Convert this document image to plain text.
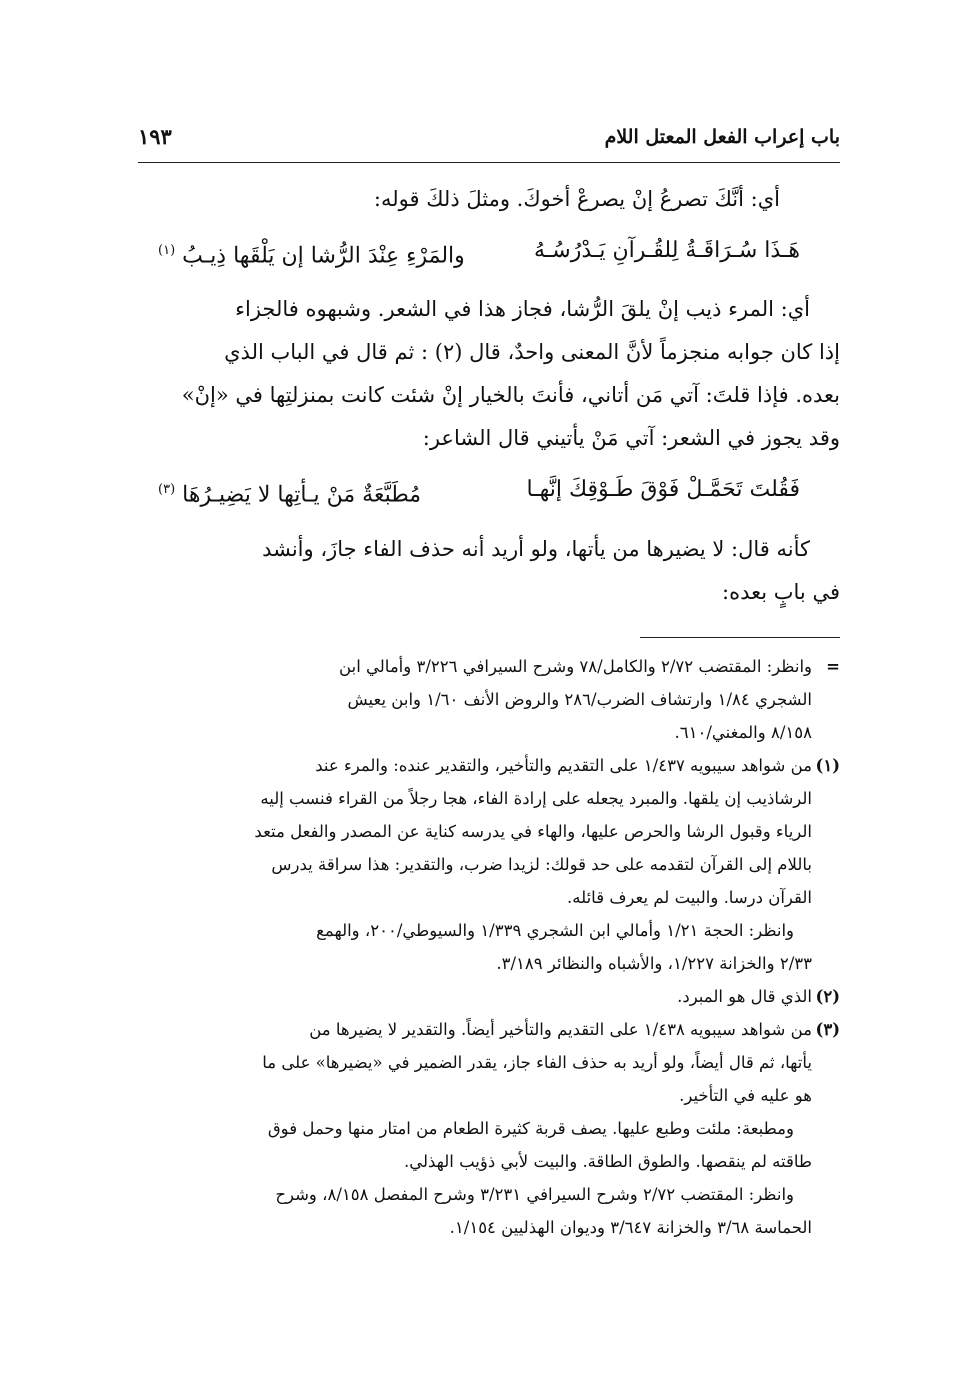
باب إعراب الفعل المعتل اللام
١٩٣
أي: أنَّكَ تصرعُ إنْ يصرعْ أخوكَ. ومثلَ ذلكَ قوله:
هَـذَا سُـرَاقَـةُ لِلقُـرآنِ يَـدْرُسُـهُ
والمَرْءِ عِنْدَ الرُّشا إن يَلْقَها ذِيـبُ $^{(١)}$
أي: المرء ذيب إنْ يلقَ الرُّشا، فجاز هذا في الشعر. وشبهوه فالجزاء
إذا كان جوابه منجزماً لأنَّ المعنى واحدٌ، قال (٢) : ثم قال في الباب الذي
بعده. فإذا قلتَ: آتي مَن أتاني، فأنتَ بالخيار إنْ شئت كانت بمنزلتِها في «إنْ»
وقد يجوز في الشعر: آتي مَنْ يأتيني قال الشاعر:
فَقُلتَ تَحَمَّـلْ فَوْقَ طَـوْقِكَ إنَّهـا
مُطَبَّعَةٌ مَنْ يـأتِها لا يَضِيـرُهَا $^{(٣)}$
كأنه قال: لا يضيرها من يأتها، ولو أريد أنه حذف الفاء جازَ، وأنشد
في بابٍ بعده:
=وانظر: المقتضب ٢/٧٢ والكامل/٧٨ وشرح السيرافي ٣/٢٢٦ وأمالي ابن
الشجري ١/٨٤ وارتشاف الضرب/٢٨٦ والروض الأنف ١/٦٠ وابن يعيش
٨/١٥٨ والمغني/٦١٠.
(١)من شواهد سيبويه ١/٤٣٧ على التقديم والتأخير، والتقدير عنده: والمرء عند
الرشاذيب إن يلقها. والمبرد يجعله على إرادة الفاء، هجا رجلاً من القراء فنسب إليه
الرياء وقبول الرشا والحرص عليها، والهاء في يدرسه كناية عن المصدر والفعل متعد
باللام إلى القرآن لتقدمه على حد قولك: لزيدا ضرب، والتقدير: هذا سراقة يدرس
القرآن درسا. والبيت لم يعرف قائله.
وانظر: الحجة ١/٢١ وأمالي ابن الشجري ١/٣٣٩ والسيوطي/٢٠٠، والهمع
٢/٣٣ والخزانة ١/٢٢٧، والأشباه والنظائر ٣/١٨٩.
(٢)الذي قال هو المبرد.
(٣)من شواهد سيبويه ١/٤٣٨ على التقديم والتأخير أيضاً. والتقدير لا يضيرها من
يأتها، ثم قال أيضاً، ولو أريد به حذف الفاء جاز، يقدر الضمير في «يضيرها» على ما
هو عليه في التأخير.
ومطبعة: ملئت وطبع عليها. يصف قربة كثيرة الطعام من امتار منها وحمل فوق
طاقته لم ينقصها. والطوق الطاقة. والبيت لأبي ذؤيب الهذلي.
وانظر: المقتضب ٢/٧٢ وشرح السيرافي ٣/٢٣١ وشرح المفصل ٨/١٥٨، وشرح
الحماسة ٣/٦٨ والخزانة ٣/٦٤٧ وديوان الهذليين ١/١٥٤.
